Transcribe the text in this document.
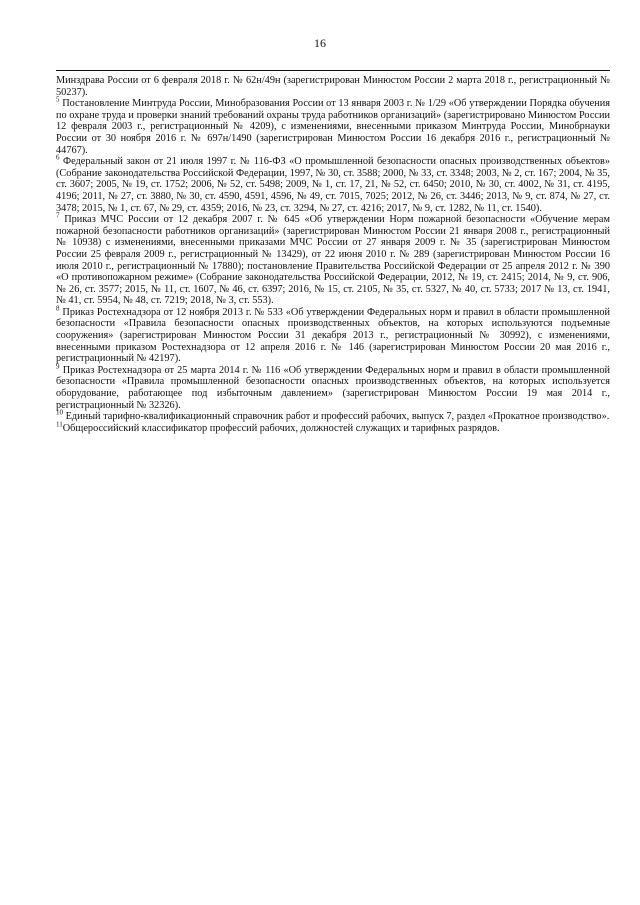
16

Минздрава России от 6 февраля 2018 г. № 62н/49н (зарегистрирован Минюстом России 2 марта 2018 г., регистрационный № 50237).

$^5$ Постановление Минтруда России, Минобразования России от 13 января 2003 г. № 1/29 «Об утверждении Порядка обучения по охране труда и проверки знаний требований охраны труда работников организаций» (зарегистрировано Минюстом России 12 февраля 2003 г., регистрационный № 4209), с изменениями, внесенными приказом Минтруда России, Минобрнауки России от 30 ноября 2016 г. № 697н/1490 (зарегистрирован Минюстом России 16 декабря 2016 г., регистрационный № 44767).

$^6$ Федеральный закон от 21 июля 1997 г. № 116-ФЗ «О промышленной безопасности опасных производственных объектов» (Собрание законодательства Российской Федерации, 1997, № 30, ст. 3588; 2000, № 33, ст. 3348; 2003, № 2, ст. 167; 2004, № 35, ст. 3607; 2005, № 19, ст. 1752; 2006, № 52, ст. 5498; 2009, № 1, ст. 17, 21, № 52, ст. 6450; 2010, № 30, ст. 4002, № 31, ст. 4195, 4196; 2011, № 27, ст. 3880, № 30, ст. 4590, 4591, 4596, № 49, ст. 7015, 7025; 2012, № 26, ст. 3446; 2013, № 9, ст. 874, № 27, ст. 3478; 2015, № 1, ст. 67, № 29, ст. 4359; 2016, № 23, ст. 3294, № 27, ст. 4216; 2017, № 9, ст. 1282, № 11, ст. 1540).

$^7$ Приказ МЧС России от 12 декабря 2007 г. № 645 «Об утверждении Норм пожарной безопасности «Обучение мерам пожарной безопасности работников организаций» (зарегистрирован Минюстом России 21 января 2008 г., регистрационный № 10938) с изменениями, внесенными приказами МЧС России от 27 января 2009 г. № 35 (зарегистрирован Минюстом России 25 февраля 2009 г., регистрационный № 13429), от 22 июня 2010 г. № 289 (зарегистрирован Минюстом России 16 июля 2010 г., регистрационный № 17880); постановление Правительства Российской Федерации от 25 апреля 2012 г. № 390 «О противопожарном режиме» (Собрание законодательства Российской Федерации, 2012, № 19, ст. 2415; 2014, № 9, ст. 906, № 26, ст. 3577; 2015, № 11, ст. 1607, № 46, ст. 6397; 2016, № 15, ст. 2105, № 35, ст. 5327, № 40, ст. 5733; 2017 № 13, ст. 1941, № 41, ст. 5954, № 48, ст. 7219; 2018, № 3, ст. 553).

$^8$ Приказ Ростехнадзора от 12 ноября 2013 г. № 533 «Об утверждении Федеральных норм и правил в области промышленной безопасности «Правила безопасности опасных производственных объектов, на которых используются подъемные сооружения» (зарегистрирован Минюстом России 31 декабря 2013 г., регистрационный № 30992), с изменениями, внесенными приказом Ростехнадзора от 12 апреля 2016 г. № 146 (зарегистрирован Минюстом России 20 мая 2016 г., регистрационный № 42197).

$^9$ Приказ Ростехнадзора от 25 марта 2014 г. № 116 «Об утверждении Федеральных норм и правил в области промышленной безопасности «Правила промышленной безопасности опасных производственных объектов, на которых используется оборудование, работающее под избыточным давлением» (зарегистрирован Минюстом России 19 мая 2014 г., регистрационный № 32326).

$^{10}$ Единый тарифно-квалификационный справочник работ и профессий рабочих, выпуск 7, раздел «Прокатное производство».

$^{11}$Общероссийский классификатор профессий рабочих, должностей служащих и тарифных разрядов.
